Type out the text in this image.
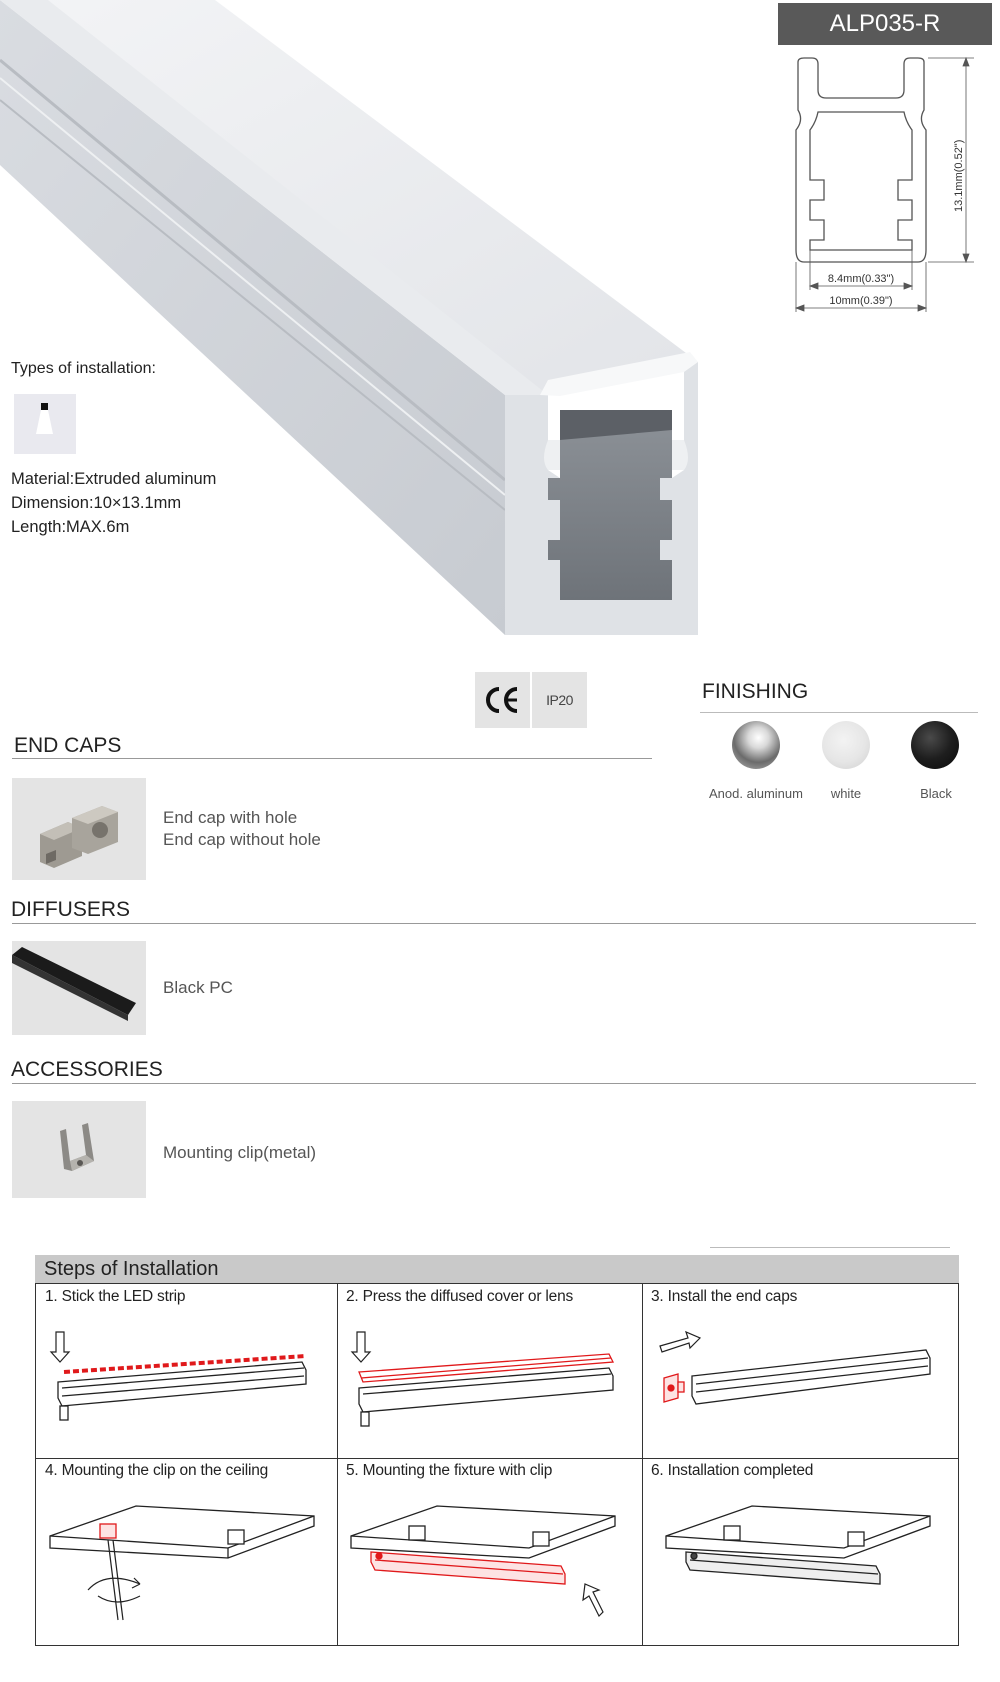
ALP035-R
13.1mm(0.52")
8.4mm(0.33")
10mm(0.39")
Types of installation:
Material:Extruded aluminum
Dimension:10×13.1mm
Length:MAX.6m
IP20	FINISHING
Anod. aluminum	white	Black
END CAPS
End cap with hole
End cap without hole
DIFFUSERS
Black PC
ACCESSORIES
Mounting clip(metal)
Steps of Installation
1. Stick the LED strip	2. Press the diffused cover or lens	3. Install the end caps
4. Mounting the clip on the ceiling	5. Mounting the fixture with clip	6. Installation completed
